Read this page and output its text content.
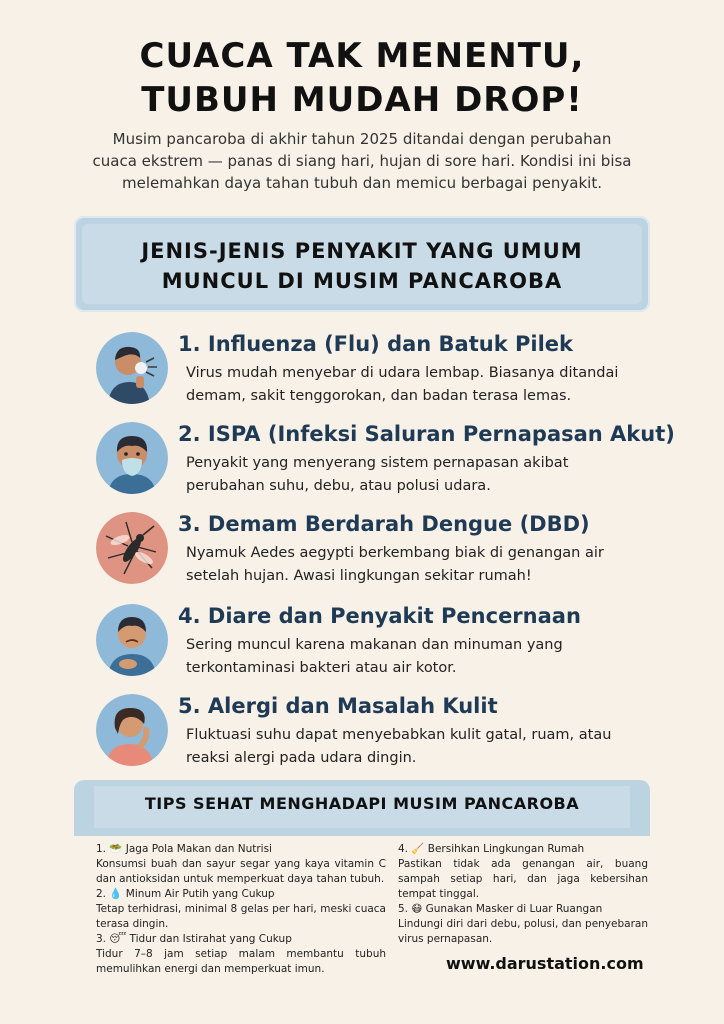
CUACA TAK MENENTU,
TUBUH MUDAH DROP!

Musim pancaroba di akhir tahun 2025 ditandai dengan perubahan cuaca ekstrem — panas di siang hari, hujan di sore hari. Kondisi ini bisa melemahkan daya tahan tubuh dan memicu berbagai penyakit.

JENIS-JENIS PENYAKIT YANG UMUM
MUNCUL DI MUSIM PANCAROBA
1. Influenza (Flu) dan Batuk Pilek
Virus mudah menyebar di udara lembap. Biasanya ditandai demam, sakit tenggorokan, dan badan terasa lemas.
2. ISPA (Infeksi Saluran Pernapasan Akut)
Penyakit yang menyerang sistem pernapasan akibat perubahan suhu, debu, atau polusi udara.
3. Demam Berdarah Dengue (DBD)
Nyamuk Aedes aegypti berkembang biak di genangan air setelah hujan. Awasi lingkungan sekitar rumah!
4. Diare dan Penyakit Pencernaan
Sering muncul karena makanan dan minuman yang terkontaminasi bakteri atau air kotor.
5. Alergi dan Masalah Kulit
Fluktuasi suhu dapat menyebabkan kulit gatal, ruam, atau reaksi alergi pada udara dingin.
TIPS SEHAT MENGHADAPI MUSIM PANCAROBA
1. 🥗 Jaga Pola Makan dan Nutrisi
Konsumsi buah dan sayur segar yang kaya vitamin C dan antioksidan untuk memperkuat daya tahan tubuh.
2. 💧 Minum Air Putih yang Cukup
Tetap terhidrasi, minimal 8 gelas per hari, meski cuaca terasa dingin.
3. 😴 Tidur dan Istirahat yang Cukup
Tidur 7–8 jam setiap malam membantu tubuh memulihkan energi dan memperkuat imun.
4. 🧹 Bersihkan Lingkungan Rumah
Pastikan tidak ada genangan air, buang sampah setiap hari, dan jaga kebersihan tempat tinggal.
5. 😷 Gunakan Masker di Luar Ruangan
Lindungi diri dari debu, polusi, dan penyebaran virus pernapasan.
www.darustation.com
